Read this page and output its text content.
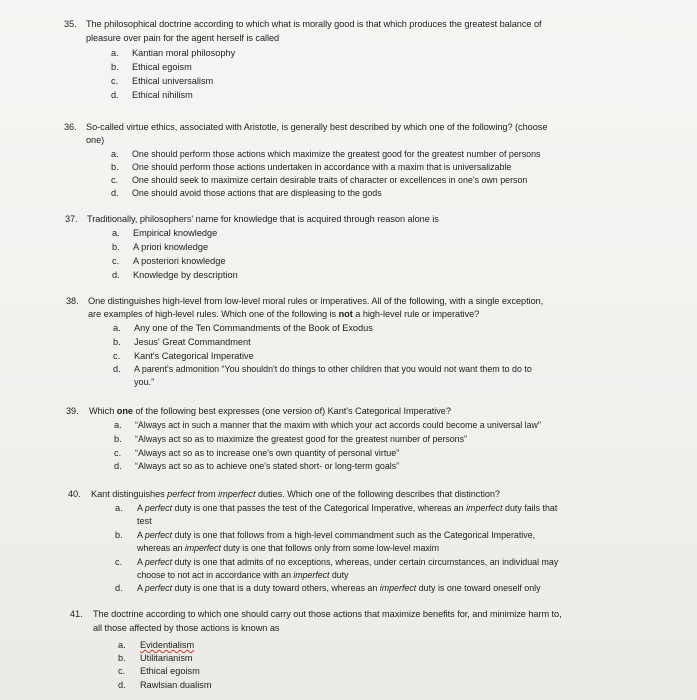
35. The philosophical doctrine according to which what is morally good is that which produces the greatest balance of
pleasure over pain for the agent herself is called
a. Kantian moral philosophy
b. Ethical egoism
c. Ethical universalism
d. Ethical nihilism
36. So-called virtue ethics, associated with Aristotle, is generally best described by which one of the following? (choose
one)
a. One should perform those actions which maximize the greatest good for the greatest number of persons
b. One should perform those actions undertaken in accordance with a maxim that is universalizable
c. One should seek to maximize certain desirable traits of character or excellences in one's own person
d. One should avoid those actions that are displeasing to the gods
37. Traditionally, philosophers' name for knowledge that is acquired through reason alone is
a. Empirical knowledge
b. A priori knowledge
c. A posteriori knowledge
d. Knowledge by description
38. One distinguishes high-level from low-level moral rules or imperatives. All of the following, with a single exception,
are examples of high-level rules. Which one of the following is not a high-level rule or imperative?
a. Any one of the Ten Commandments of the Book of Exodus
b. Jesus' Great Commandment
c. Kant's Categorical Imperative
d. A parent's admonition “You shouldn't do things to other children that you would not want them to do to
you.”
39. Which one of the following best expresses (one version of) Kant's Categorical Imperative?
a. “Always act in such a manner that the maxim with which your act accords could become a universal law”
b. “Always act so as to maximize the greatest good for the greatest number of persons”
c. “Always act so as to increase one's own quantity of personal virtue”
d. “Always act so as to achieve one's stated short- or long-term goals”
40. Kant distinguishes perfect from imperfect duties. Which one of the following describes that distinction?
a. A perfect duty is one that passes the test of the Categorical Imperative, whereas an imperfect duty fails that
test
b. A perfect duty is one that follows from a high-level commandment such as the Categorical Imperative,
whereas an imperfect duty is one that follows only from some low-level maxim
c. A perfect duty is one that admits of no exceptions, whereas, under certain circumstances, an individual may
choose to not act in accordance with an imperfect duty
d. A perfect duty is one that is a duty toward others, whereas an imperfect duty is one toward oneself only
41. The doctrine according to which one should carry out those actions that maximize benefits for, and minimize harm to,
all those affected by those actions is known as
a. Evidentialism
b. Utilitarianism
c. Ethical egoism
d. Rawlsian dualism
